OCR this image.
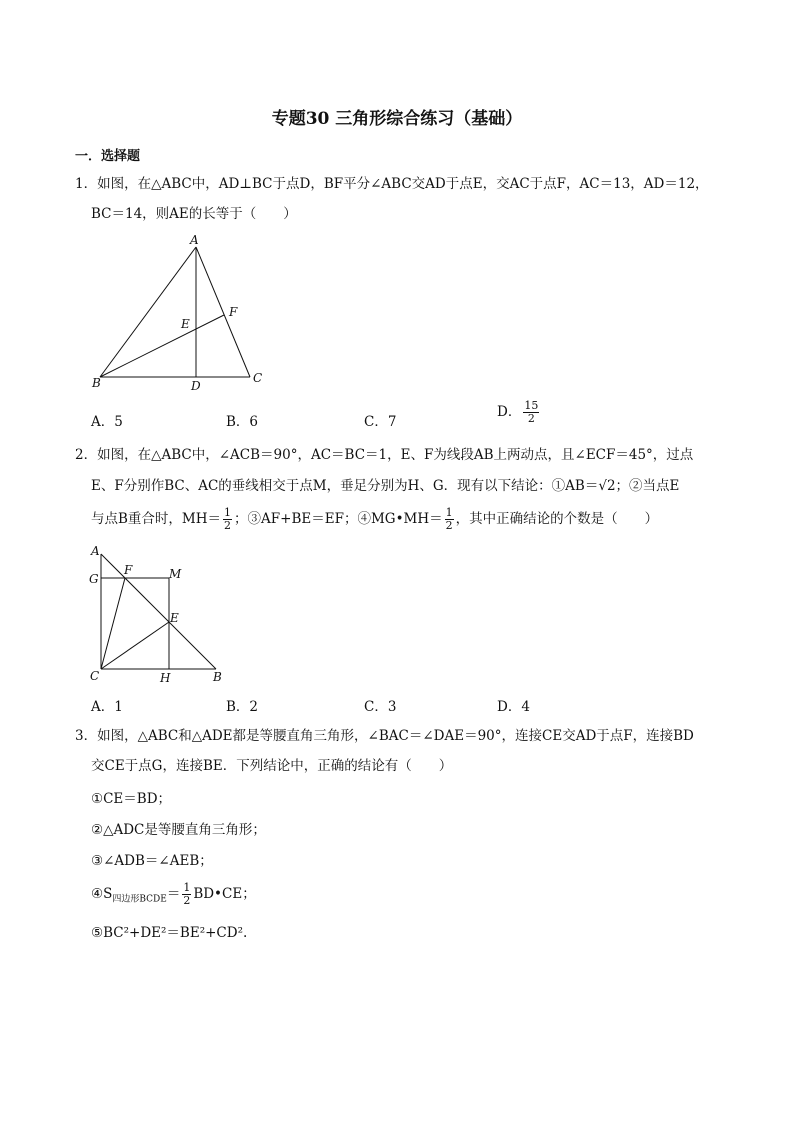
专题30 三角形综合练习（基础）
一．选择题
1．如图，在△ABC中，AD⊥BC于点D，BF平分∠ABC交AD于点E，交AC于点F，AC＝13，AD＝12，
BC＝14，则AE的长等于（　　）
A
E
F
B	D
C
A．5	B．6	C．7
D． $\frac{15}{2}$
2．如图，在△ABC中，∠ACB＝90°，AC＝BC＝1，E、F为线段AB上两动点，且∠ECF＝45°，过点
E、F分别作BC、AC的垂线相交于点M，垂足分别为H、G．现有以下结论：①AB＝√2；②当点E
与点B重合时，$MH= \frac{1}{2}$ ；③AF+BE＝EF；④MG•MH＝ $\frac{1}{2}$ ，其中正确结论的个数是（　　）
A
G
F	M
E
C	H	B
A．1	B．2	C．3	D．4
3．如图，△ABC和△ADE都是等腰直角三角形，∠BAC＝∠DAE＝90°，连接CE交AD于点F，连接BD
交CE于点G，连接BE．下列结论中，正确的结论有（　　）
①CE＝BD；
②△ADC是等腰直角三角形；
③∠ADB＝∠AEB；
$④S_{四边形BCDE}= \frac{1}{2}$ BD•CE；
⑤BC²+DE²＝BE²+CD².
